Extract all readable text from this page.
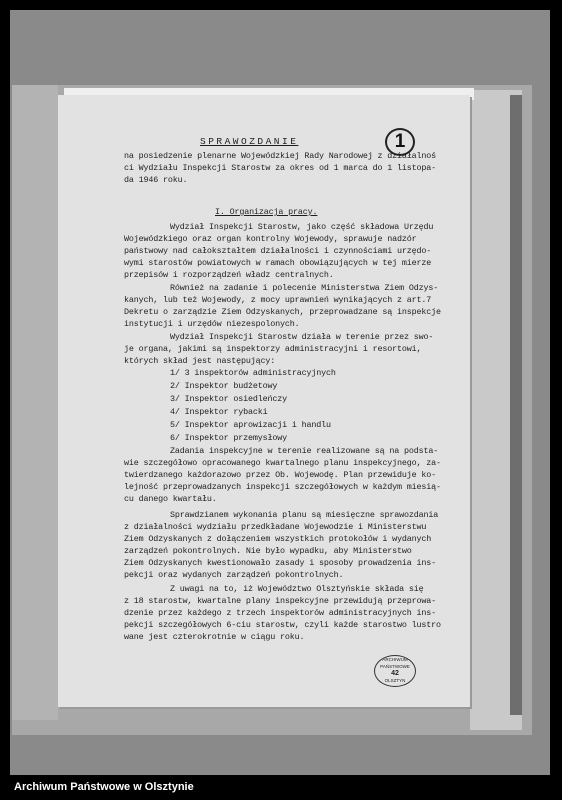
SPRAWOZDANIE	1
na posiedzenie plenarne Wojewódzkiej Rady Narodowej z działalnoś
ci Wydziału Inspekcji Starostw za okres od 1 marca do 1 listopa-
da 1946 roku.
Wydział Inspekcji Starostw, jako część składowa Urzędu
Wojewódzkiego oraz organ kontrolny Wojewody, sprawuje nadzór
państwowy nad całokształtem działalności i czynnościami urzędo-
wymi starostów powiatowych w ramach obowiązujących w tej mierze
przepisów i rozporządzeń władz centralnych.
Również na zadanie i polecenie Ministerstwa Ziem Odzys-
kanych, lub też Wojewody, z mocy uprawnień wynikających z art.7
Dekretu o zarządzie Ziem Odzyskanych, przeprowadzane są inspekcje
instytucji i urzędów niezespolonych.
Wydział Inspekcji Starostw działa w terenie przez swo-
je organa, jakimi są inspektorzy administracyjni i resortowi,
których skład jest następujący:
1/ 3 inspektorów administracyjnych
2/ Inspektor budżetowy
3/ Inspektor osiedleńczy
4/ Inspektor rybacki
5/ Inspektor aprowizacji i handlu
6/ Inspektor przemysłowy
Zadania inspekcyjne w terenie realizowane są na podsta-
wie szczegółowo opracowanego kwartalnego planu inspekcyjnego, za-
twierdzanego każdorazowo przez Ob. Wojewodę. Plan przewiduje ko-
lejność przeprowadzanych inspekcji szczegółowych w każdym miesią-
cu danego kwartału.
Sprawdzianem wykonania planu są miesięczne sprawozdania
z działalności wydziału przedkładane Wojewodzie i Ministerstwu
Ziem Odzyskanych z dołączeniem wszystkich protokołów i wydanych
zarządzeń pokontrolnych. Nie było wypadku, aby Ministerstwo
Ziem Odzyskanych kwestionowało zasady i sposoby prowadzenia ins-
pekcji oraz wydanych zarządzeń pokontrolnych.
Z uwagi na to, iż Województwo Olsztyńskie składa się
z 18 starostw, kwartalne plany inspekcyjne przewidują przeprowa-
dzenie przez każdego z trzech inspektorów administracyjnych ins-
pekcji szczegółowych 6-ciu starostw, czyli każde starostwo lustro
wane jest czterokrotnie w ciągu roku.
I. Organizacja pracy.
ARCHIWUM PAŃSTWOWE
42
OLSZTYN
Archiwum Państwowe w Olsztynie
